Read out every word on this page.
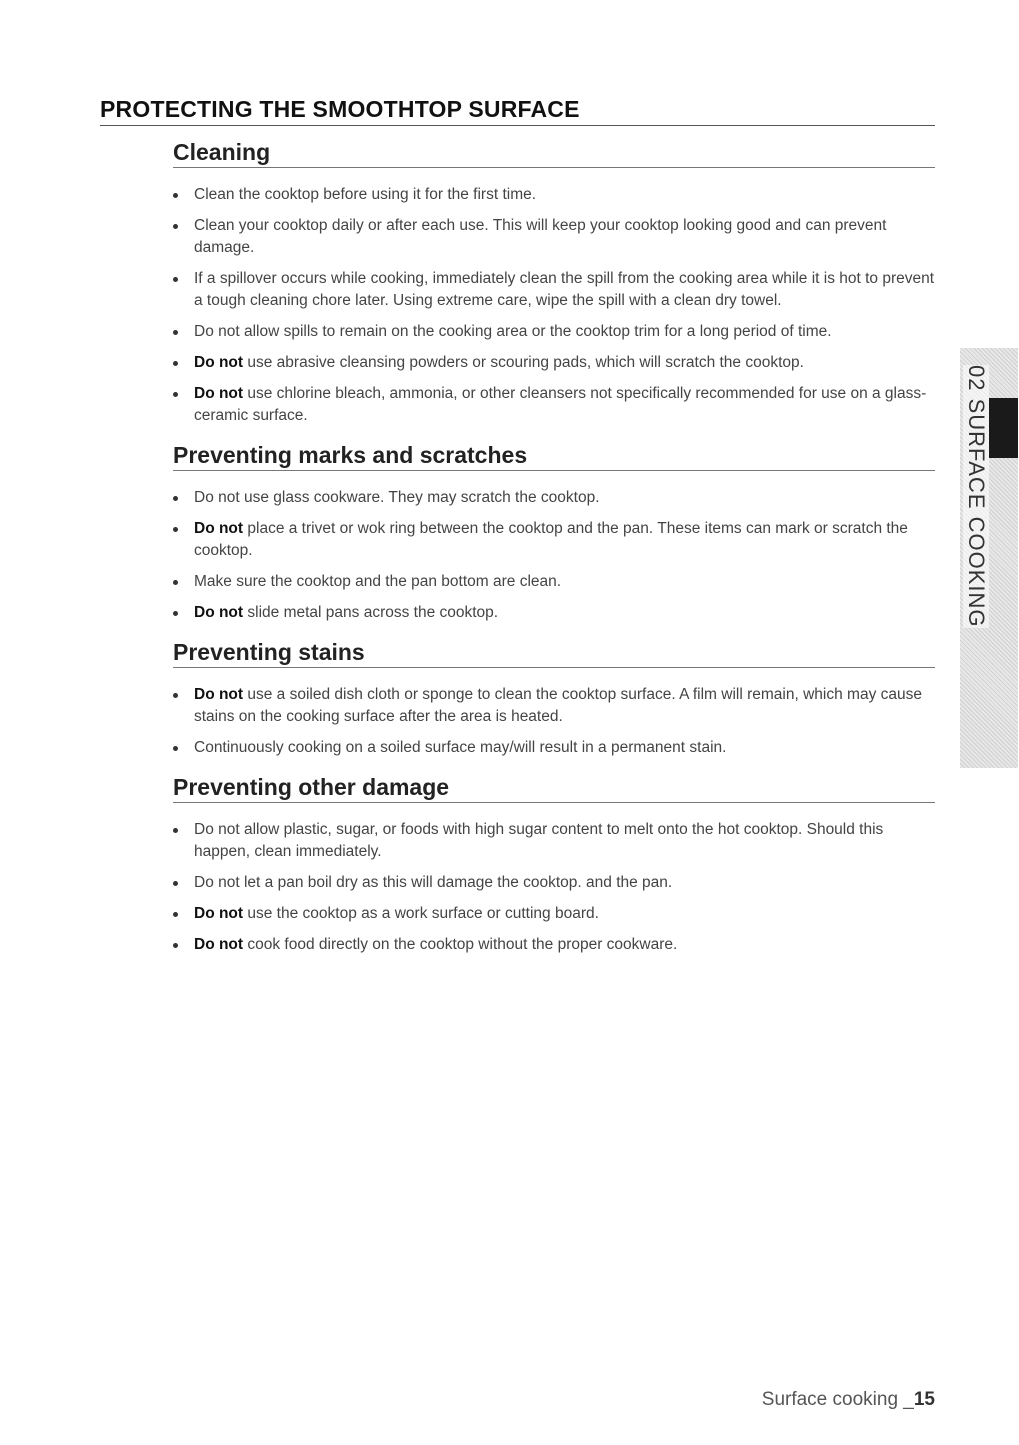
PROTECTING THE SMOOTHTOP SURFACE
Cleaning
Clean the cooktop before using it for the first time.
Clean your cooktop daily or after each use. This will keep your cooktop looking good and can prevent damage.
If a spillover occurs while cooking, immediately clean the spill from the cooking area while it is hot to prevent a tough cleaning chore later. Using extreme care, wipe the spill with a clean dry towel.
Do not allow spills to remain on the cooking area or the cooktop trim for a long period of time.
Do not use abrasive cleansing powders or scouring pads, which will scratch the cooktop.
Do not use chlorine bleach, ammonia, or other cleansers not specifically recommended for use on a glass-ceramic surface.
Preventing marks and scratches
Do not use glass cookware. They may scratch the cooktop.
Do not place a trivet or wok ring between the cooktop and the pan. These items can mark or scratch the cooktop.
Make sure the cooktop and the pan bottom are clean.
Do not slide metal pans across the cooktop.
Preventing stains
Do not use a soiled dish cloth or sponge to clean the cooktop surface. A film will remain, which may cause stains on the cooking surface after the area is heated.
Continuously cooking on a soiled surface may/will result in a permanent stain.
Preventing other damage
Do not allow plastic, sugar, or foods with high sugar content to melt onto the hot cooktop. Should this happen, clean immediately.
Do not let a pan boil dry as this will damage the cooktop. and the pan.
Do not use the cooktop as a work surface or cutting board.
Do not cook food directly on the cooktop without the proper cookware.
02 SURFACE COOKING
Surface cooking _15
